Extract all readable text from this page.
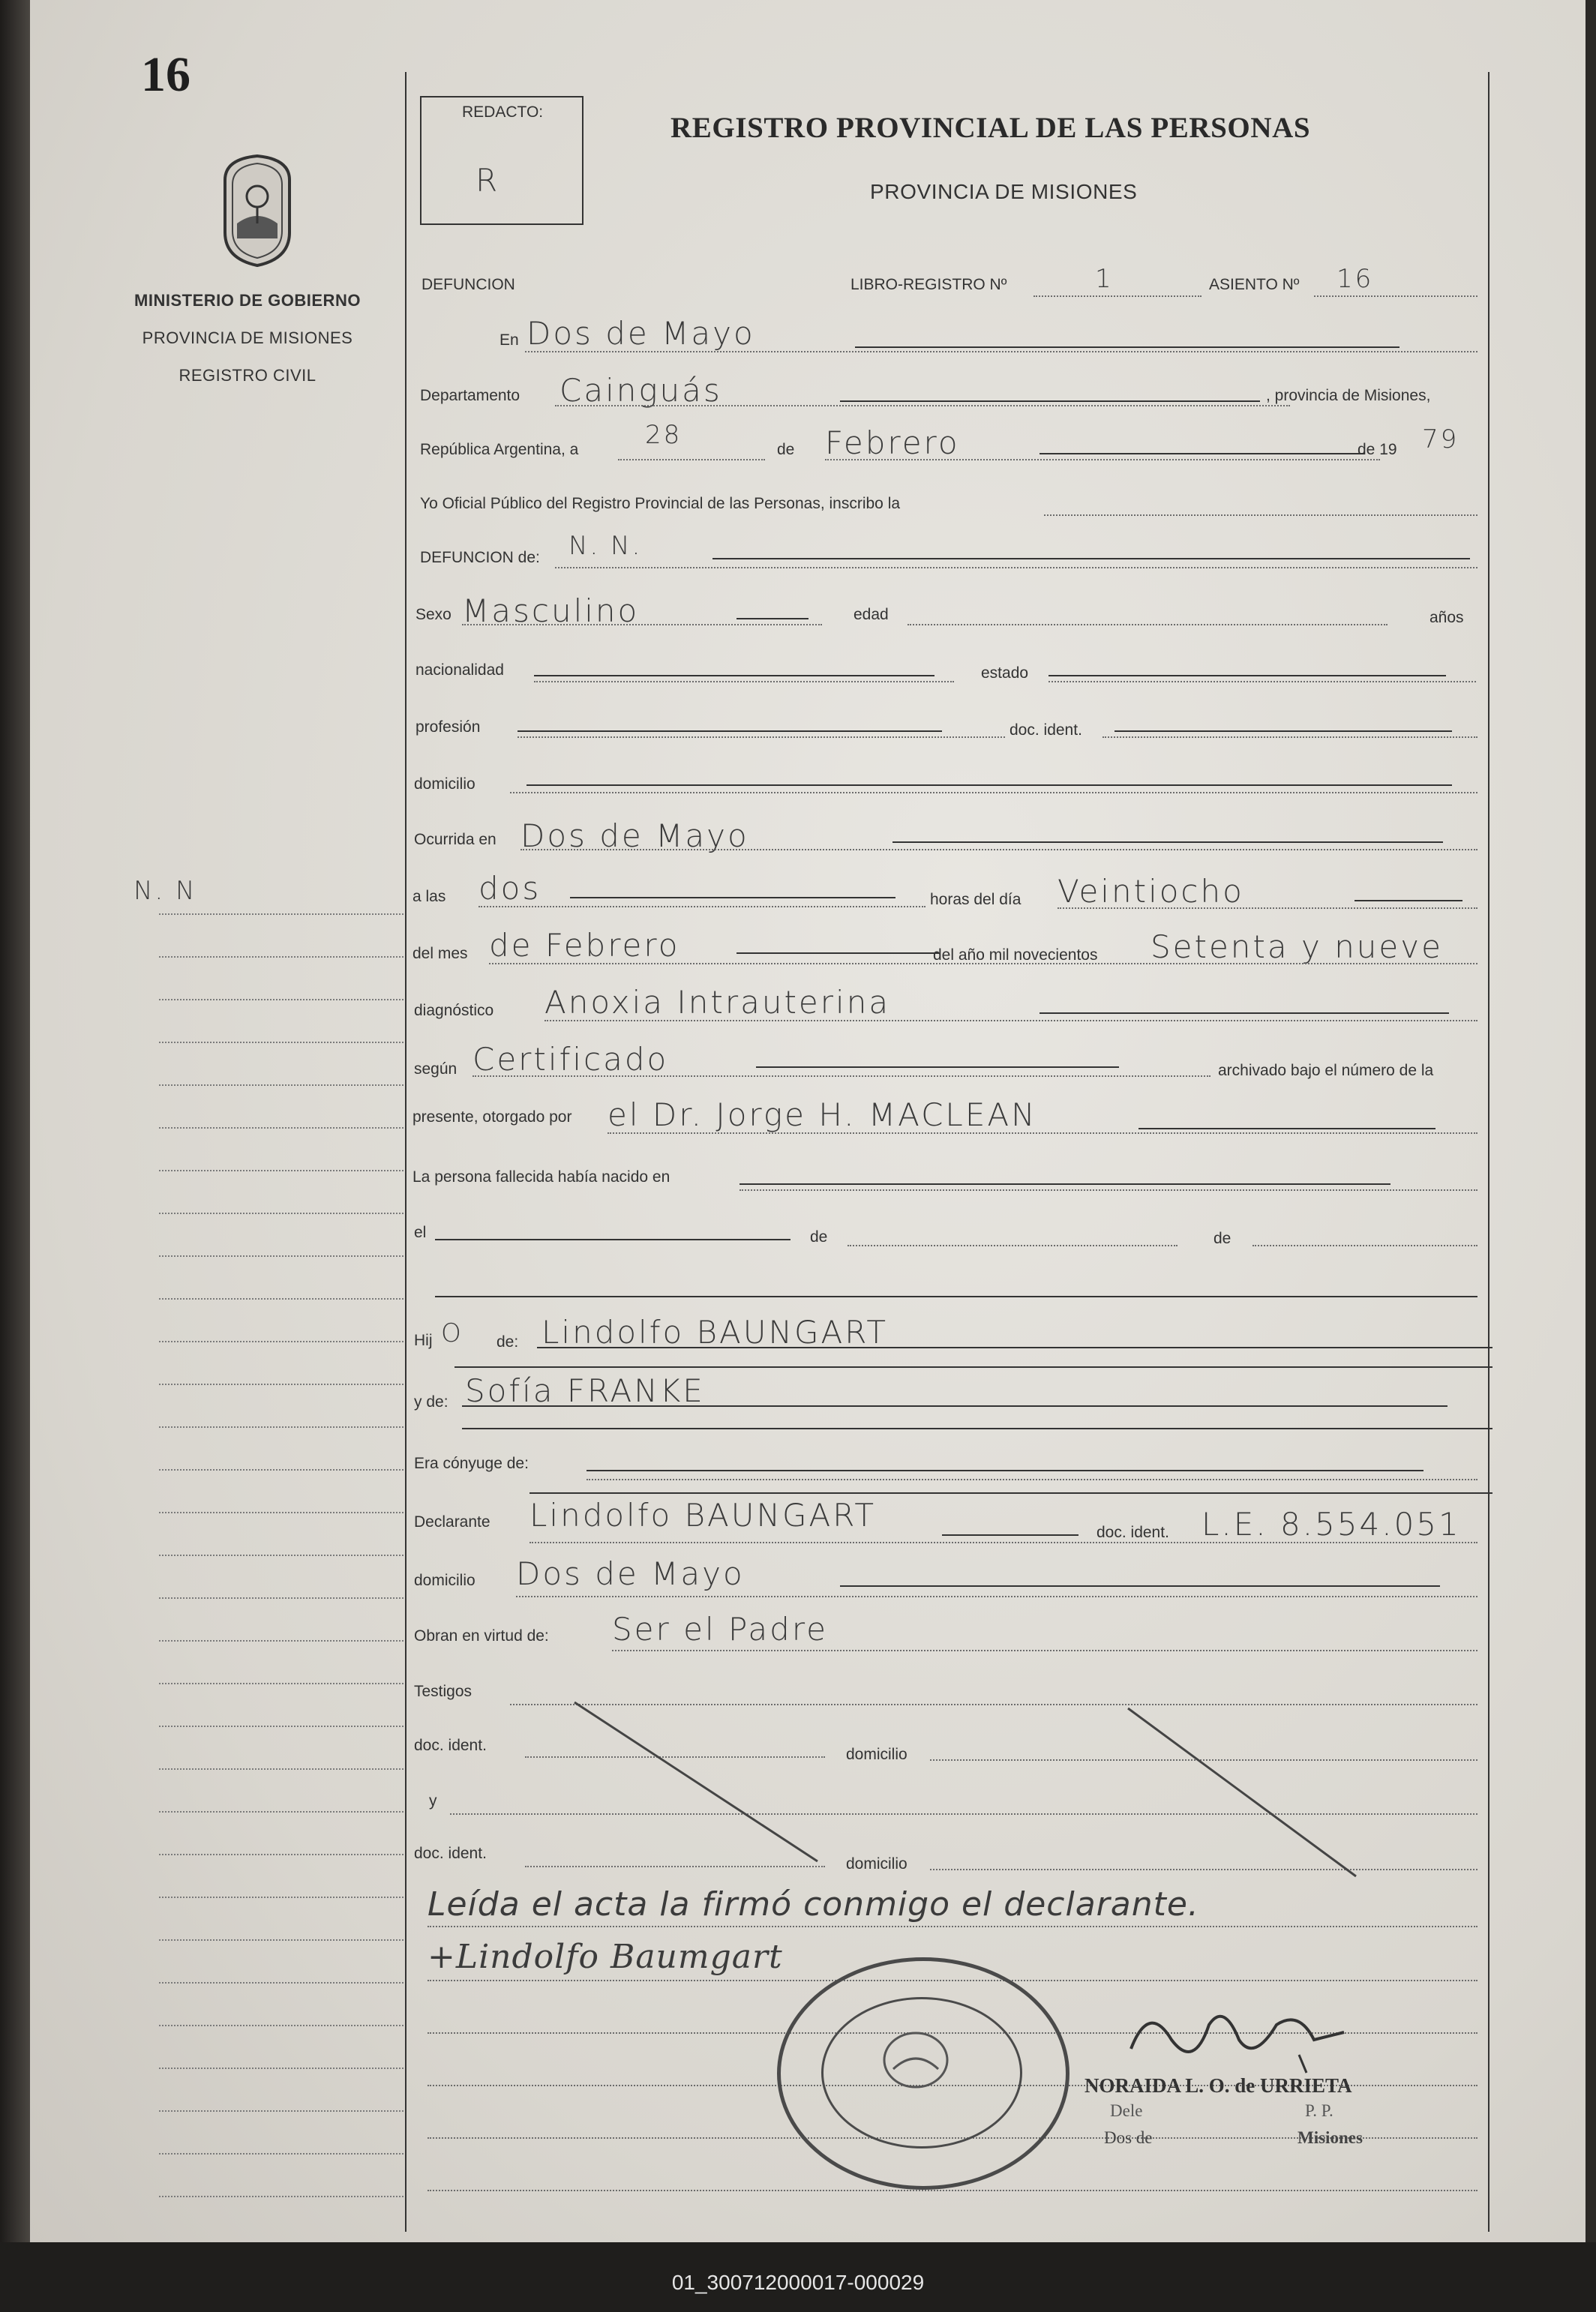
16
MINISTERIO DE GOBIERNO
PROVINCIA DE MISIONES
REGISTRO CIVIL
N. N
REDACTO:
R
REGISTRO PROVINCIAL DE LAS PERSONAS
PROVINCIA DE MISIONES
DEFUNCION	LIBRO-REGISTRO Nº	1	ASIENTO Nº 16
En Dos de Mayo
Departamento Cainguás	, provincia de Misiones,
República Argentina, a	28	de Febrero	de 19 79
Yo Oficial Público del Registro Provincial de las Personas, inscribo la
DEFUNCION de: N. N.
Sexo Masculino	edad	años
nacionalidad	estado
profesión	doc. ident.
domicilio
Ocurrida en Dos de Mayo
a las dos	horas del día Veintiocho
del mes de Febrero	del año mil novecientos Setenta y nueve
diagnóstico Anoxia Intrauterina
según Certificado	archivado bajo el número de la
presente, otorgado por el Dr. Jorge H. MACLEAN
La persona fallecida había nacido en
el	de	de
Hij O de: Lindolfo BAUNGART
y de: Sofía FRANKE
Era cónyuge de:
Declarante Lindolfo BAUNGART	doc. ident. L.E. 8.554.051
domicilio Dos de Mayo
Obran en virtud de: Ser el Padre
Testigos
doc. ident.
domicilio
y
doc. ident.
domicilio
Leída el acta la firmó conmigo el declarante.
+Lindolfo Baumgart
NORAIDA L. O. de URRIETA
Dele	P. P.
Dos de	Misiones
01_300712000017-000029
